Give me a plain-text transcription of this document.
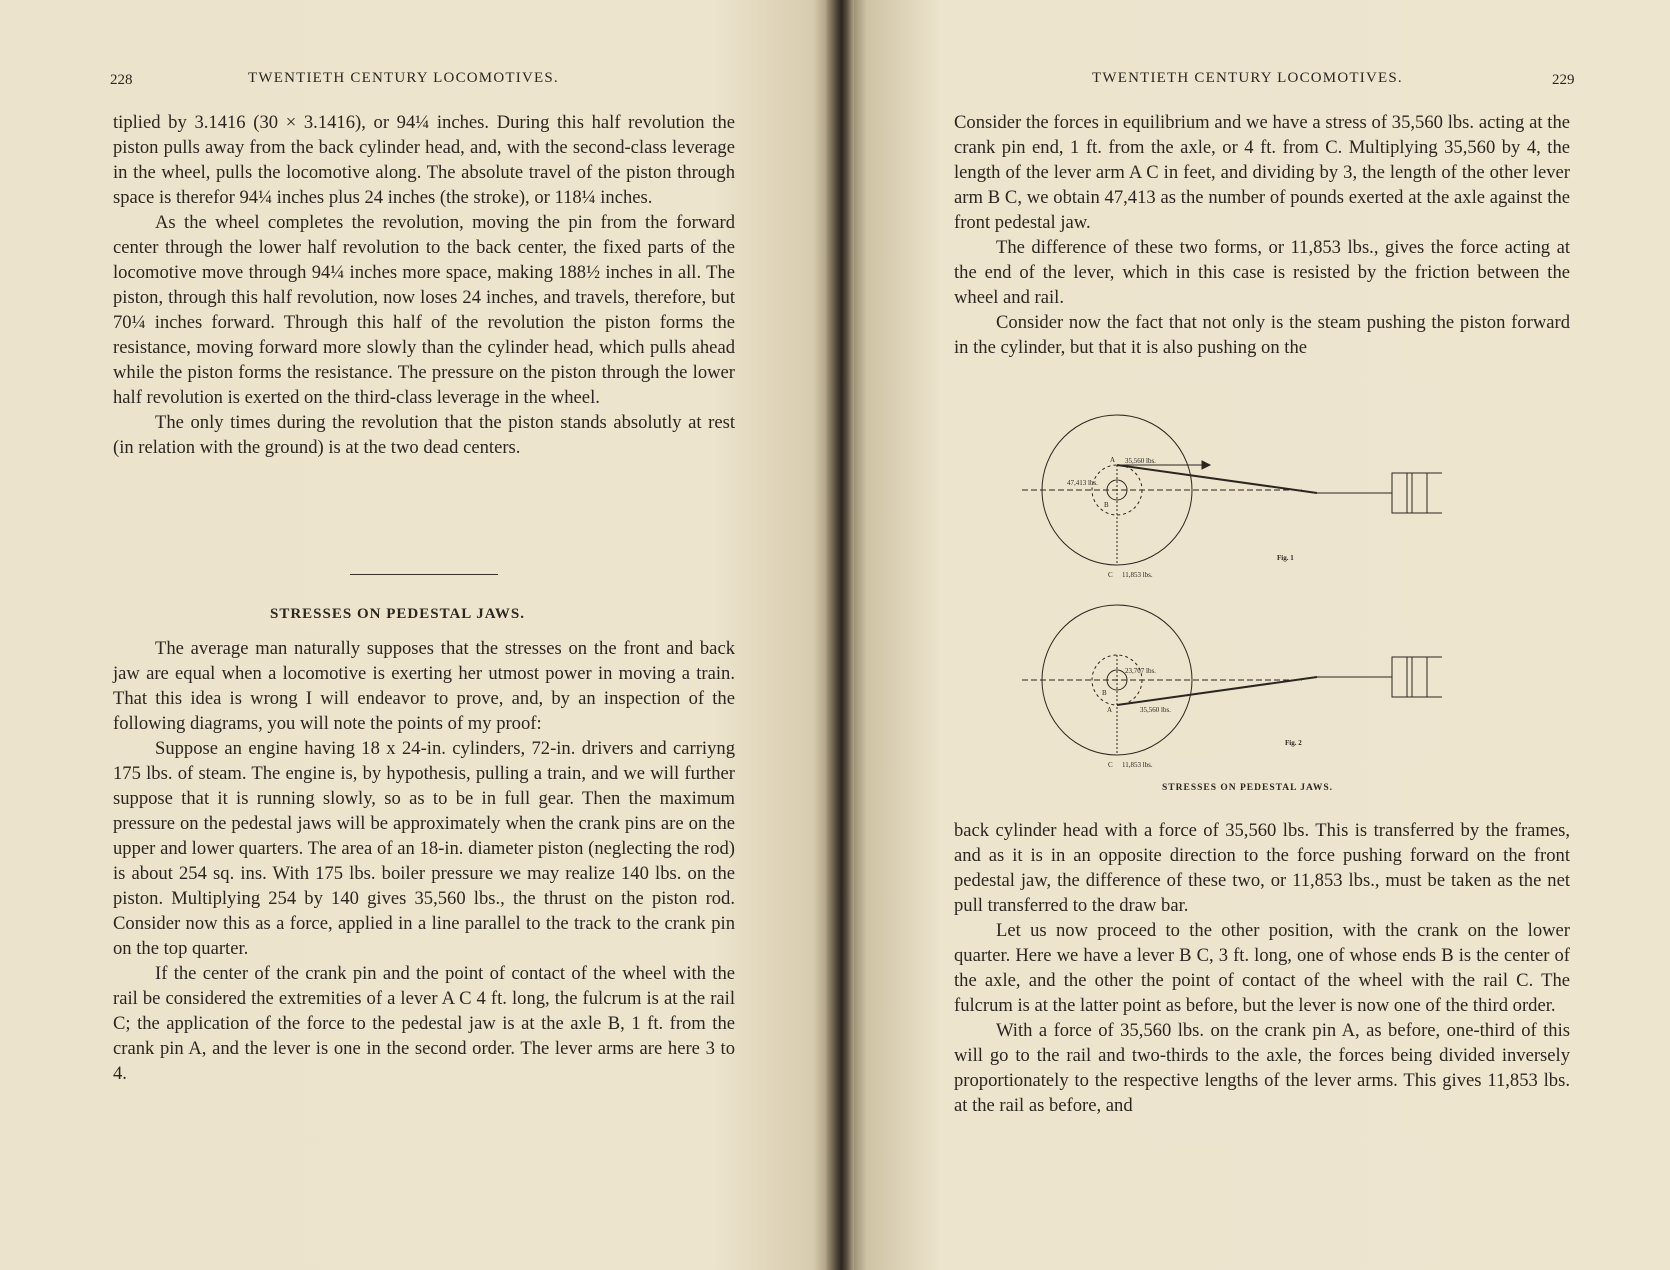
228	TWENTIETH CENTURY LOCOMOTIVES.

tiplied by 3.1416 (30 × 3.1416), or 94¼ inches. During this half revolution the piston pulls away from the back cylinder head, and, with the second-class leverage in the wheel, pulls the locomotive along. The absolute travel of the piston through space is therefor 94¼ inches plus 24 inches (the stroke), or 118¼ inches.

As the wheel completes the revolution, moving the pin from the forward center through the lower half revolution to the back center, the fixed parts of the locomotive move through 94¼ inches more space, making 188½ inches in all. The piston, through this half revolution, now loses 24 inches, and travels, therefore, but 70¼ inches forward. Through this half of the revolution the piston forms the resistance, moving forward more slowly than the cylinder head, which pulls ahead while the piston forms the resistance. The pressure on the piston through the lower half revolution is exerted on the third-class leverage in the wheel.

The only times during the revolution that the piston stands absolutly at rest (in relation with the ground) is at the two dead centers.

STRESSES ON PEDESTAL JAWS.

The average man naturally supposes that the stresses on the front and back jaw are equal when a locomotive is exerting her utmost power in moving a train. That this idea is wrong I will endeavor to prove, and, by an inspection of the following diagrams, you will note the points of my proof:

Suppose an engine having 18 x 24-in. cylinders, 72-in. drivers and carriyng 175 lbs. of steam. The engine is, by hypothesis, pulling a train, and we will further suppose that it is running slowly, so as to be in full gear. Then the maximum pressure on the pedestal jaws will be approximately when the crank pins are on the upper and lower quarters. The area of an 18-in. diameter piston (neglecting the rod) is about 254 sq. ins. With 175 lbs. boiler pressure we may realize 140 lbs. on the piston. Multiplying 254 by 140 gives 35,560 lbs., the thrust on the piston rod. Consider now this as a force, applied in a line parallel to the track to the crank pin on the top quarter.

If the center of the crank pin and the point of contact of the wheel with the rail be considered the extremities of a lever A C 4 ft. long, the fulcrum is at the rail C; the application of the force to the pedestal jaw is at the axle B, 1 ft. from the crank pin A, and the lever is one in the second order. The lever arms are here 3 to 4.

TWENTIETH CENTURY LOCOMOTIVES.	229

Consider the forces in equilibrium and we have a stress of 35,560 lbs. acting at the crank pin end, 1 ft. from the axle, or 4 ft. from C. Multiplying 35,560 by 4, the length of the lever arm A C in feet, and dividing by 3, the length of the other lever arm B C, we obtain 47,413 as the number of pounds exerted at the axle against the front pedestal jaw.

The difference of these two forms, or 11,853 lbs., gives the force acting at the end of the lever, which in this case is resisted by the friction between the wheel and rail.

Consider now the fact that not only is the steam pushing the piston forward in the cylinder, but that it is also pushing on the

A 35,560 lbs.
47,413 lbs.
B
C 11,853 lbs.
Fig. 1
23,707 lbs.
B
A	35,560 lbs.
C 11,853 lbs.
Fig. 2
STRESSES ON PEDESTAL JAWS.

back cylinder head with a force of 35,560 lbs. This is transferred by the frames, and as it is in an opposite direction to the force pushing forward on the front pedestal jaw, the difference of these two, or 11,853 lbs., must be taken as the net pull transferred to the draw bar.

Let us now proceed to the other position, with the crank on the lower quarter. Here we have a lever B C, 3 ft. long, one of whose ends B is the center of the axle, and the other the point of contact of the wheel with the rail C. The fulcrum is at the latter point as before, but the lever is now one of the third order.

With a force of 35,560 lbs. on the crank pin A, as before, one-third of this will go to the rail and two-thirds to the axle, the forces being divided inversely proportionately to the respective lengths of the lever arms. This gives 11,853 lbs. at the rail as before, and
